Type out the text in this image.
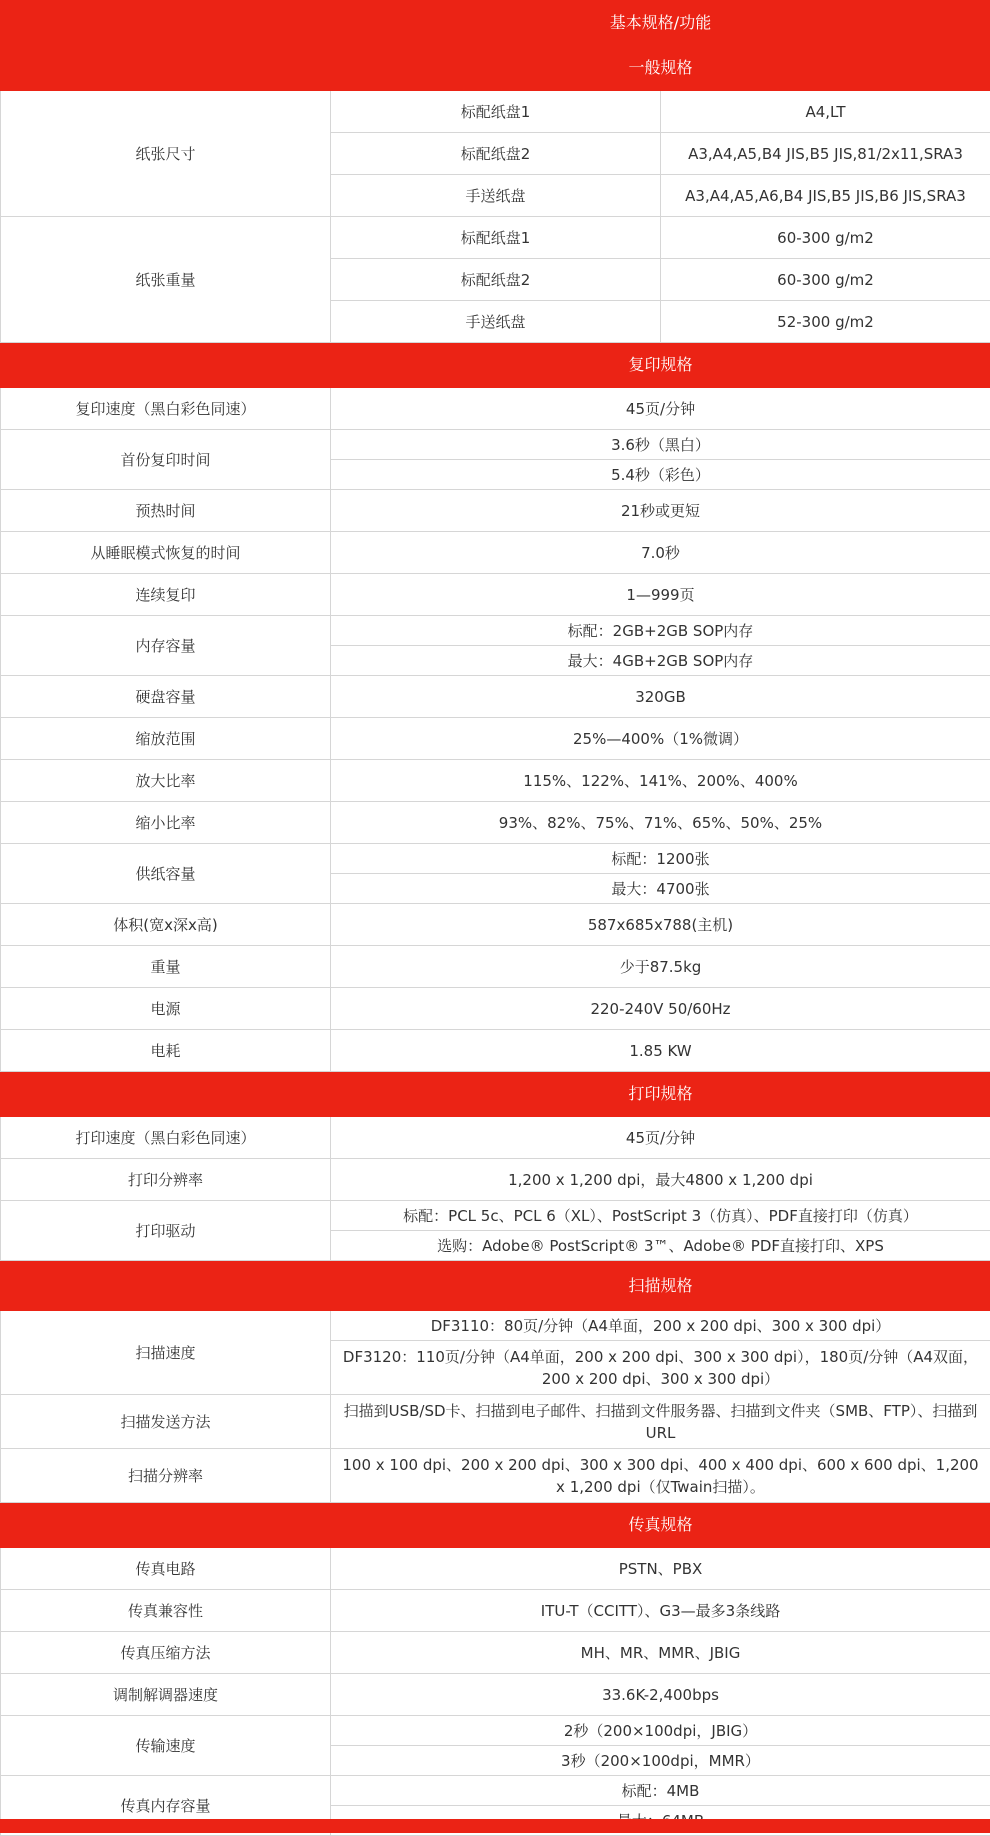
	基本规格/功能	
	一般规格	
纸张尺寸	标配纸盘1	A4,LT
	标配纸盘2	A3,A4,A5,B4 JIS,B5 JIS,81/2x11,SRA3
	手送纸盘	A3,A4,A5,A6,B4 JIS,B5 JIS,B6 JIS,SRA3
纸张重量	标配纸盘1	60-300 g/m2
	标配纸盘2	60-300 g/m2
	手送纸盘	52-300 g/m2
	复印规格	
复印速度（黑白彩色同速）	45页/分钟	
首份复印时间	3.6秒（黑白）	
	5.4秒（彩色）	
预热时间	21秒或更短	
从睡眠模式恢复的时间	7.0秒	
连续复印	1—999页	
内存容量	标配：2GB+2GB SOP内存	
	最大：4GB+2GB SOP内存	
硬盘容量	320GB	
缩放范围	25%—400%（1%微调）	
放大比率	115%、122%、141%、200%、400%	
缩小比率	93%、82%、75%、71%、65%、50%、25%	
供纸容量	标配：1200张	
	最大：4700张	
体积(宽x深x高)	587x685x788(主机)	
重量	少于87.5kg	
电源	220-240V 50/60Hz	
电耗	1.85 KW	
	打印规格	
打印速度（黑白彩色同速）	45页/分钟	
打印分辨率	1,200 x 1,200 dpi，最大4800 x 1,200 dpi	
打印驱动	标配：PCL 5c、PCL 6（XL）、PostScript 3（仿真）、PDF直接打印（仿真）	
	选购：Adobe® PostScript® 3™、Adobe® PDF直接打印、XPS	
	扫描规格	
扫描速度	DF3110：80页/分钟（A4单面，200 x 200 dpi、300 x 300 dpi）	
	DF3120：110页/分钟（A4单面，200 x 200 dpi、300 x 300 dpi），180页/分钟（A4双面，200 x 200 dpi、300 x 300 dpi）	
扫描发送方法	扫描到USB/SD卡、扫描到电子邮件、扫描到文件服务器、扫描到文件夹（SMB、FTP）、扫描到URL	
扫描分辨率	100 x 100 dpi、200 x 200 dpi、300 x 300 dpi、400 x 400 dpi、600 x 600 dpi、1,200 x 1,200 dpi（仅Twain扫描）。	
	传真规格	
传真电路	PSTN、PBX	
传真兼容性	ITU-T（CCITT）、G3—最多3条线路	
传真压缩方法	MH、MR、MMR、JBIG	
调制解调器速度	33.6K-2,400bps	
传输速度	2秒（200×100dpi，JBIG）	
	3秒（200×100dpi，MMR）	
传真内存容量	标配：4MB	
